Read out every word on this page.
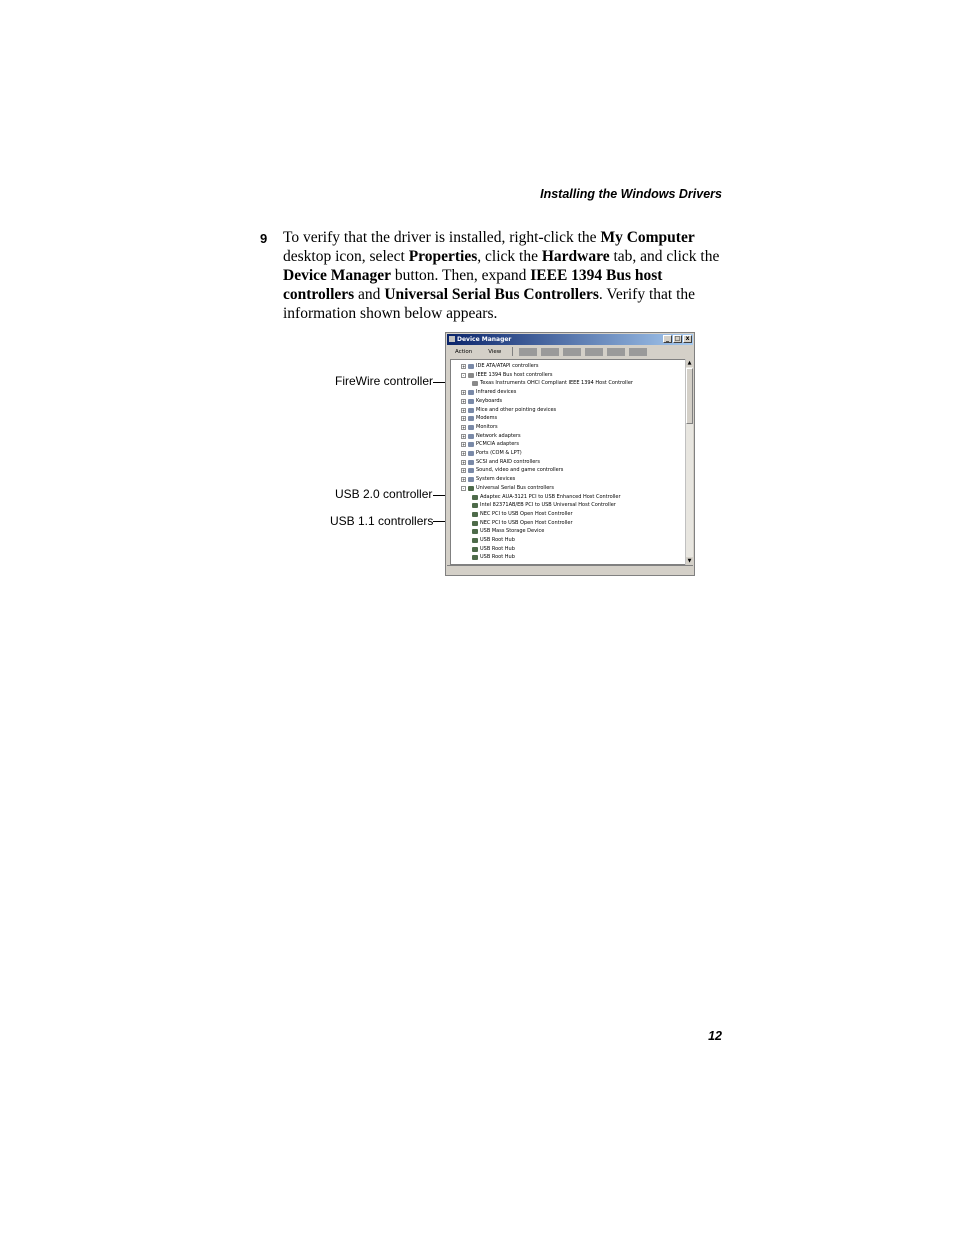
Installing the Windows Drivers
9 To verify that the driver is installed, right-click the My Computer desktop icon, select Properties, click the Hardware tab, and click the Device Manager button. Then, expand IEEE 1394 Bus host controllers and Universal Serial Bus Controllers. Verify that the information shown below appears.
FireWire controller
USB 2.0 controller
USB 1.1 controllers
Device Manager	_ □ x
Action	View
+ IDE ATA/ATAPI controllers
-	IEEE 1394 Bus host controllers
Texas Instruments OHCI Compliant IEEE 1394 Host Controller
+ Infrared devices
+ Keyboards
+ Mice and other pointing devices
+ Modems
+ Monitors
+ Network adapters
+ PCMCIA adapters
+ Ports (COM & LPT)
+ SCSI and RAID controllers
+ Sound, video and game controllers
+ System devices
-	Universal Serial Bus controllers
Adaptec AUA-3121 PCI to USB Enhanced Host Controller
Intel 82371AB/EB PCI to USB Universal Host Controller
NEC PCI to USB Open Host Controller
NEC PCI to USB Open Host Controller
USB Mass Storage Device
USB Root Hub
USB Root Hub
USB Root Hub
▲
▼
12
